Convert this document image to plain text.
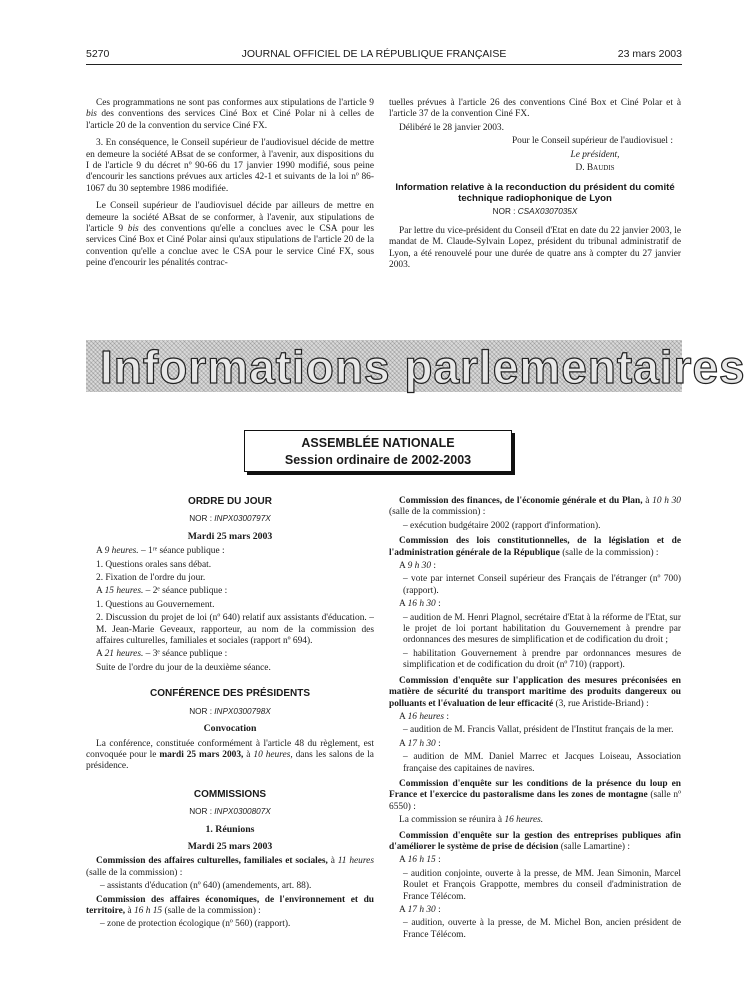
5270	JOURNAL OFFICIEL DE LA RÉPUBLIQUE FRANÇAISE	23 mars 2003

Ces programmations ne sont pas conformes aux stipulations de l'article 9 bis des conventions des services Ciné Box et Ciné Polar ni à celles de l'article 20 de la convention du service Ciné FX.

3. En conséquence, le Conseil supérieur de l'audiovisuel décide de mettre en demeure la société ABsat de se conformer, à l'avenir, aux dispositions du I de l'article 9 du décret nº 90-66 du 17 janvier 1990 modifié, sous peine d'encourir les sanctions prévues aux articles 42-1 et suivants de la loi nº 86-1067 du 30 septembre 1986 modifiée.

Le Conseil supérieur de l'audiovisuel décide par ailleurs de mettre en demeure la société ABsat de se conformer, à l'avenir, aux stipulations de l'article 9 bis des conventions qu'elle a conclues avec le CSA pour les services Ciné Box et Ciné Polar ainsi qu'aux stipulations de l'article 20 de la convention qu'elle a conclue avec le CSA pour le service Ciné FX, sous peine d'encourir les pénalités contrac-

tuelles prévues à l'article 26 des conventions Ciné Box et Ciné Polar et à l'article 37 de la convention Ciné FX.

Délibéré le 28 janvier 2003.

Pour le Conseil supérieur de l'audiovisuel :

Le président,

D. Baudis

Information relative à la reconduction du président du comité technique radiophonique de Lyon
NOR : CSAX0307035X

Par lettre du vice-président du Conseil d'Etat en date du 22 janvier 2003, le mandat de M. Claude-Sylvain Lopez, président du tribunal administratif de Lyon, a été renouvelé pour une durée de quatre ans à compter du 27 janvier 2003.

Informations parlementaires
ASSEMBLÉE NATIONALE
Session ordinaire de 2002-2003
ORDRE DU JOUR
NOR : INPX0300797X
Mardi 25 mars 2003

A 9 heures. – 1ʳᵉ séance publique :

1. Questions orales sans débat.

2. Fixation de l'ordre du jour.

A 15 heures. – 2ᵉ séance publique :

1. Questions au Gouvernement.

2. Discussion du projet de loi (nº 640) relatif aux assistants d'éducation. – M. Jean-Marie Geveaux, rapporteur, au nom de la commission des affaires culturelles, familiales et sociales (rapport nº 694).

A 21 heures. – 3ᵉ séance publique :

Suite de l'ordre du jour de la deuxième séance.

CONFÉRENCE DES PRÉSIDENTS
NOR : INPX0300798X
Convocation

La conférence, constituée conformément à l'article 48 du règlement, est convoquée pour le mardi 25 mars 2003, à 10 heures, dans les salons de la présidence.

COMMISSIONS
NOR : INPX0300807X
1. Réunions
Mardi 25 mars 2003

Commission des affaires culturelles, familiales et sociales, à 11 heures (salle de la commission) :

– assistants d'éducation (nº 640) (amendements, art. 88).

Commission des affaires économiques, de l'environnement et du territoire, à 16 h 15 (salle de la commission) :

– zone de protection écologique (nº 560) (rapport).

Commission des finances, de l'économie générale et du Plan, à 10 h 30 (salle de la commission) :

– exécution budgétaire 2002 (rapport d'information).

Commission des lois constitutionnelles, de la législation et de l'administration générale de la République (salle de la commission) :

A 9 h 30 :

– vote par internet Conseil supérieur des Français de l'étranger (nº 700) (rapport).

A 16 h 30 :

– audition de M. Henri Plagnol, secrétaire d'Etat à la réforme de l'Etat, sur le projet de loi portant habilitation du Gouvernement à prendre par ordonnances des mesures de simplification et de codification du droit ;

– habilitation Gouvernement à prendre par ordonnances mesures de simplification et de codification du droit (nº 710) (rapport).

Commission d'enquête sur l'application des mesures préconisées en matière de sécurité du transport maritime des produits dangereux ou polluants et l'évaluation de leur efficacité (3, rue Aristide-Briand) :

A 16 heures :

– audition de M. Francis Vallat, président de l'Institut français de la mer.

A 17 h 30 :

– audition de MM. Daniel Marrec et Jacques Loiseau, Association française des capitaines de navires.

Commission d'enquête sur les conditions de la présence du loup en France et l'exercice du pastoralisme dans les zones de montagne (salle nº 6550) :

La commission se réunira à 16 heures.

Commission d'enquête sur la gestion des entreprises publiques afin d'améliorer le système de prise de décision (salle Lamartine) :

A 16 h 15 :

– audition conjointe, ouverte à la presse, de MM. Jean Simonin, Marcel Roulet et François Grappotte, membres du conseil d'administration de France Télécom.

A 17 h 30 :

– audition, ouverte à la presse, de M. Michel Bon, ancien président de France Télécom.
